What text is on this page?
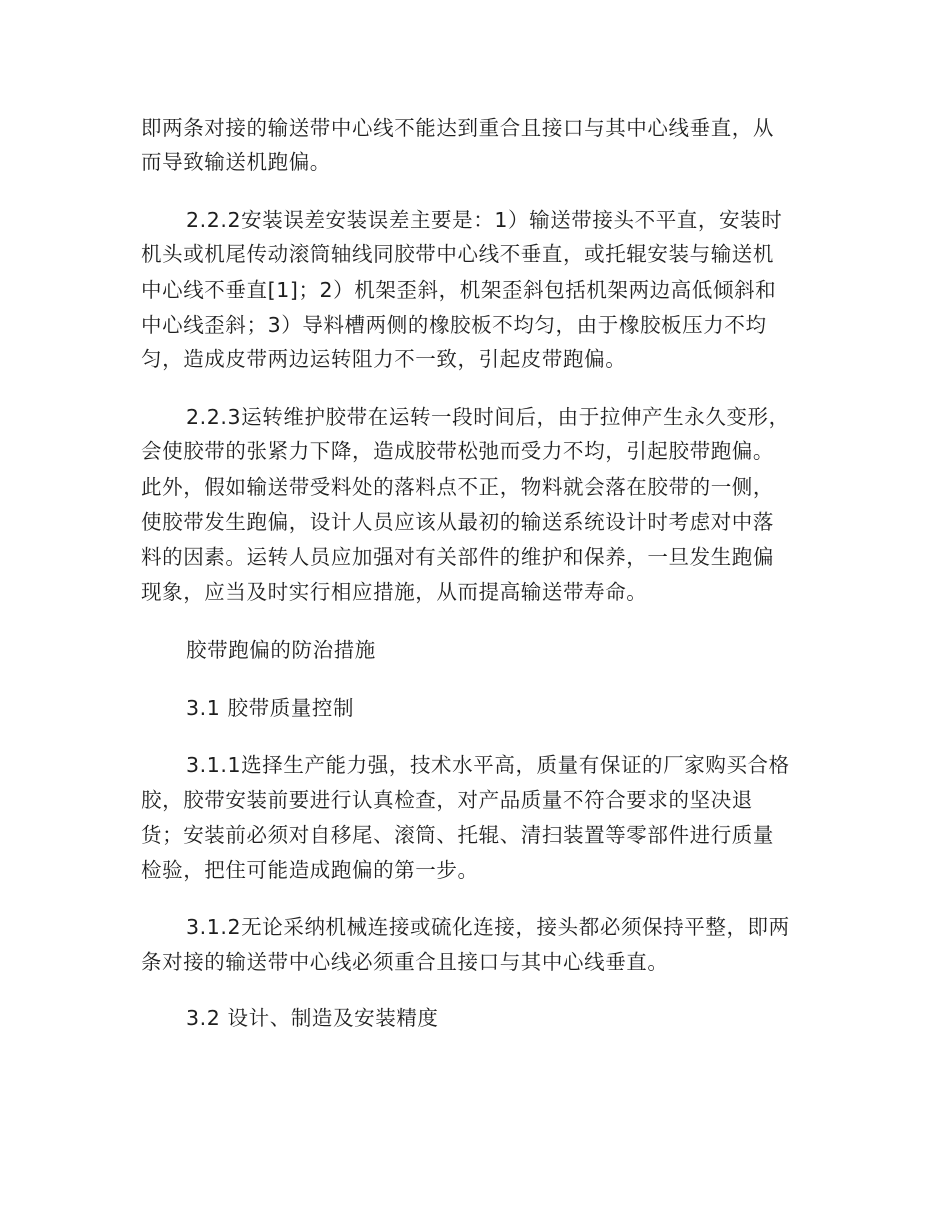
即两条对接的输送带中心线不能达到重合且接口与其中心线垂直，从
而导致输送机跑偏。
2.2.2安装误差安装误差主要是：1）输送带接头不平直，安装时
机头或机尾传动滚筒轴线同胶带中心线不垂直，或托辊安装与输送机
中心线不垂直[1]；2）机架歪斜，机架歪斜包括机架两边高低倾斜和
中心线歪斜；3）导料槽两侧的橡胶板不均匀，由于橡胶板压力不均
匀，造成皮带两边运转阻力不一致，引起皮带跑偏。
2.2.3运转维护胶带在运转一段时间后，由于拉伸产生永久变形，
会使胶带的张紧力下降，造成胶带松弛而受力不均，引起胶带跑偏。
此外，假如输送带受料处的落料点不正，物料就会落在胶带的一侧，
使胶带发生跑偏，设计人员应该从最初的输送系统设计时考虑对中落
料的因素。运转人员应加强对有关部件的维护和保养，一旦发生跑偏
现象，应当及时实行相应措施，从而提高输送带寿命。
胶带跑偏的防治措施
3.1 胶带质量控制
3.1.1选择生产能力强，技术水平高，质量有保证的厂家购买合格
胶，胶带安装前要进行认真检查，对产品质量不符合要求的坚决退
货；安装前必须对自移尾、滚筒、托辊、清扫装置等零部件进行质量
检验，把住可能造成跑偏的第一步。
3.1.2无论采纳机械连接或硫化连接，接头都必须保持平整，即两
条对接的输送带中心线必须重合且接口与其中心线垂直。
3.2 设计、制造及安装精度
